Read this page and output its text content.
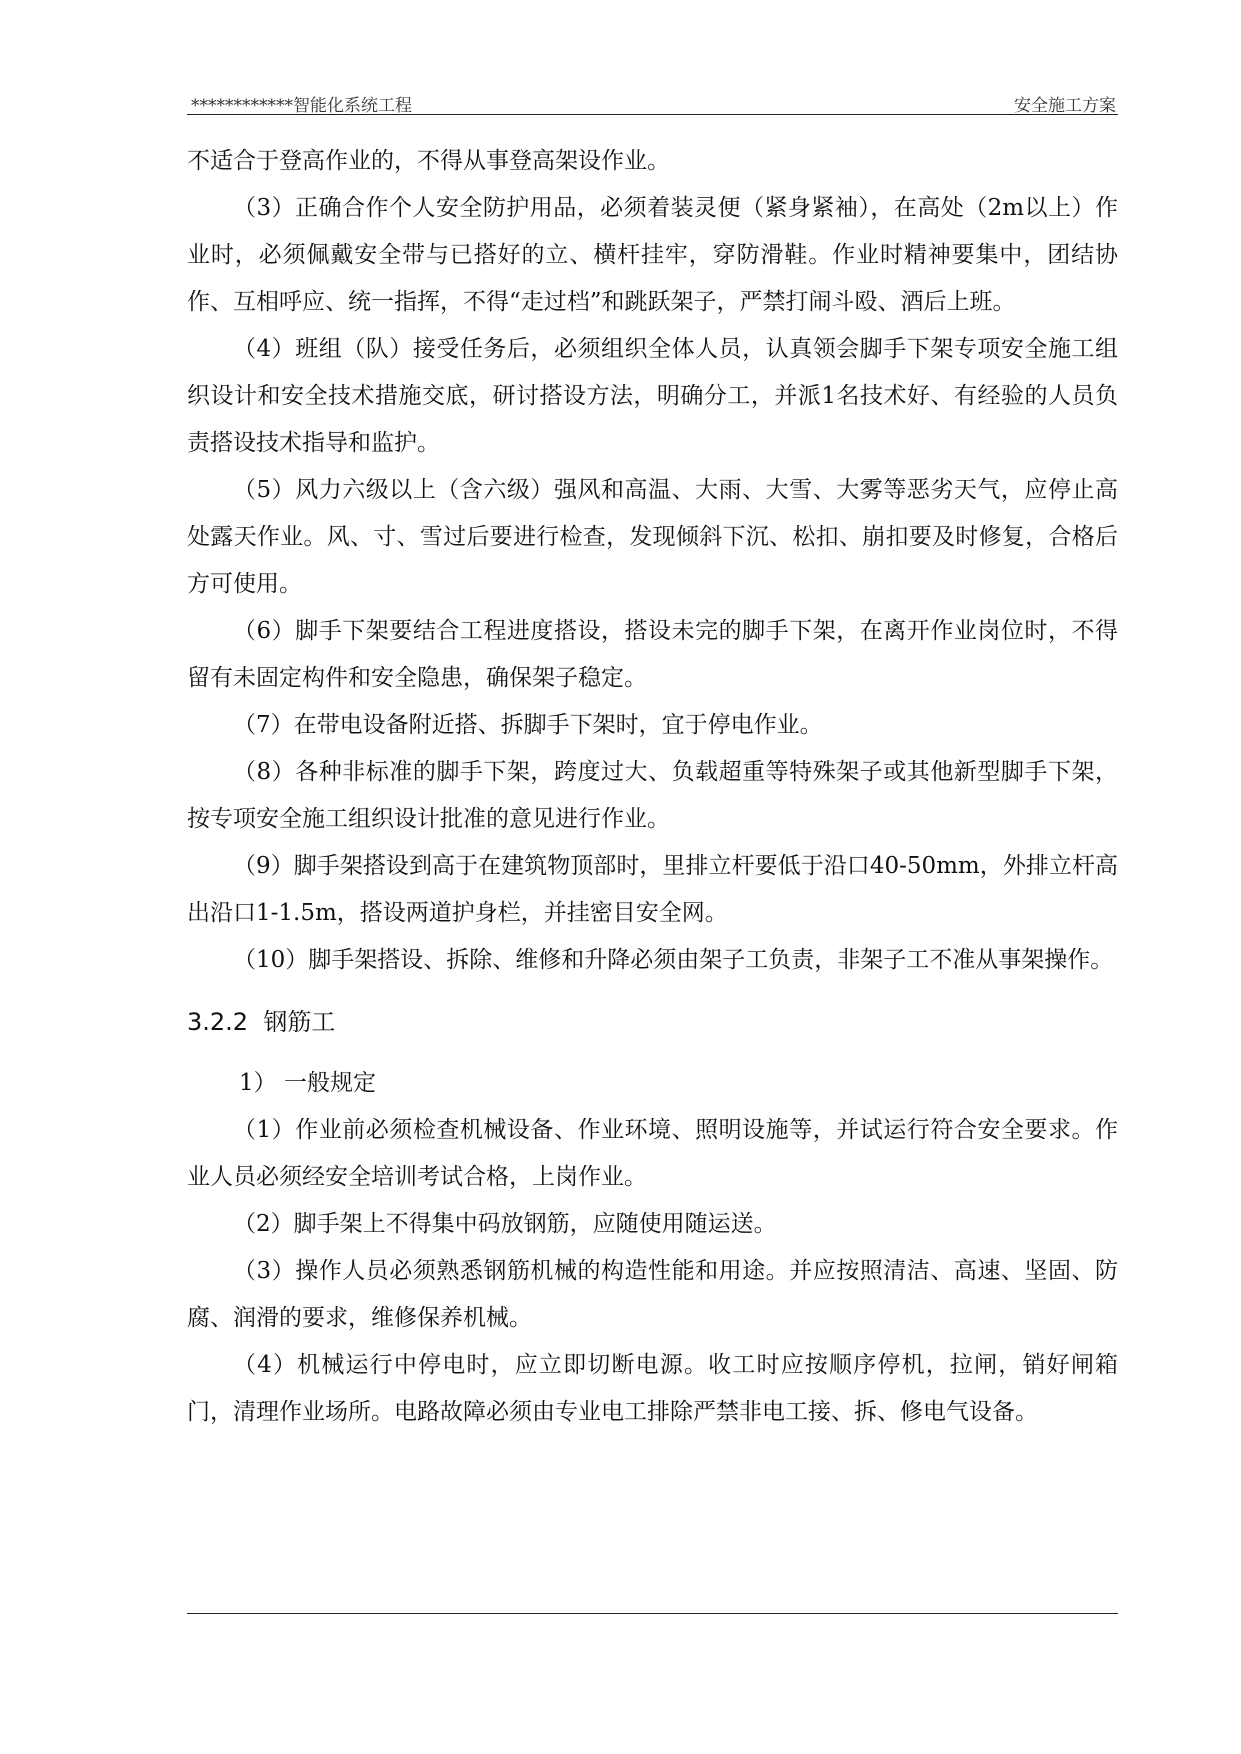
************智能化系统工程	安全施工方案

不适合于登高作业的，不得从事登高架设作业。

（3）正确合作个人安全防护用品，必须着装灵便（紧身紧袖），在高处（2m以上）作业时，必须佩戴安全带与已搭好的立、横杆挂牢，穿防滑鞋。作业时精神要集中，团结协作、互相呼应、统一指挥，不得“走过档”和跳跃架子，严禁打闹斗殴、酒后上班。

（4）班组（队）接受任务后，必须组织全体人员，认真领会脚手下架专项安全施工组织设计和安全技术措施交底，研讨搭设方法，明确分工，并派1名技术好、有经验的人员负责搭设技术指导和监护。

（5）风力六级以上（含六级）强风和高温、大雨、大雪、大雾等恶劣天气，应停止高处露天作业。风、寸、雪过后要进行检查，发现倾斜下沉、松扣、崩扣要及时修复，合格后方可使用。

（6）脚手下架要结合工程进度搭设，搭设未完的脚手下架，在离开作业岗位时，不得留有未固定构件和安全隐患，确保架子稳定。

（7）在带电设备附近搭、拆脚手下架时，宜于停电作业。

（8）各种非标准的脚手下架，跨度过大、负载超重等特殊架子或其他新型脚手下架，按专项安全施工组织设计批准的意见进行作业。

（9）脚手架搭设到高于在建筑物顶部时，里排立杆要低于沿口40-50mm，外排立杆高出沿口1-1.5m，搭设两道护身栏，并挂密目安全网。

（10）脚手架搭设、拆除、维修和升降必须由架子工负责，非架子工不准从事架操作。

3.2.2 钢筋工

1） 一般规定

（1）作业前必须检查机械设备、作业环境、照明设施等，并试运行符合安全要求。作业人员必须经安全培训考试合格，上岗作业。

（2）脚手架上不得集中码放钢筋，应随使用随运送。

（3）操作人员必须熟悉钢筋机械的构造性能和用途。并应按照清洁、高速、坚固、防腐、润滑的要求，维修保养机械。

（4）机械运行中停电时，应立即切断电源。收工时应按顺序停机，拉闸，销好闸箱门，清理作业场所。电路故障必须由专业电工排除严禁非电工接、拆、修电气设备。
